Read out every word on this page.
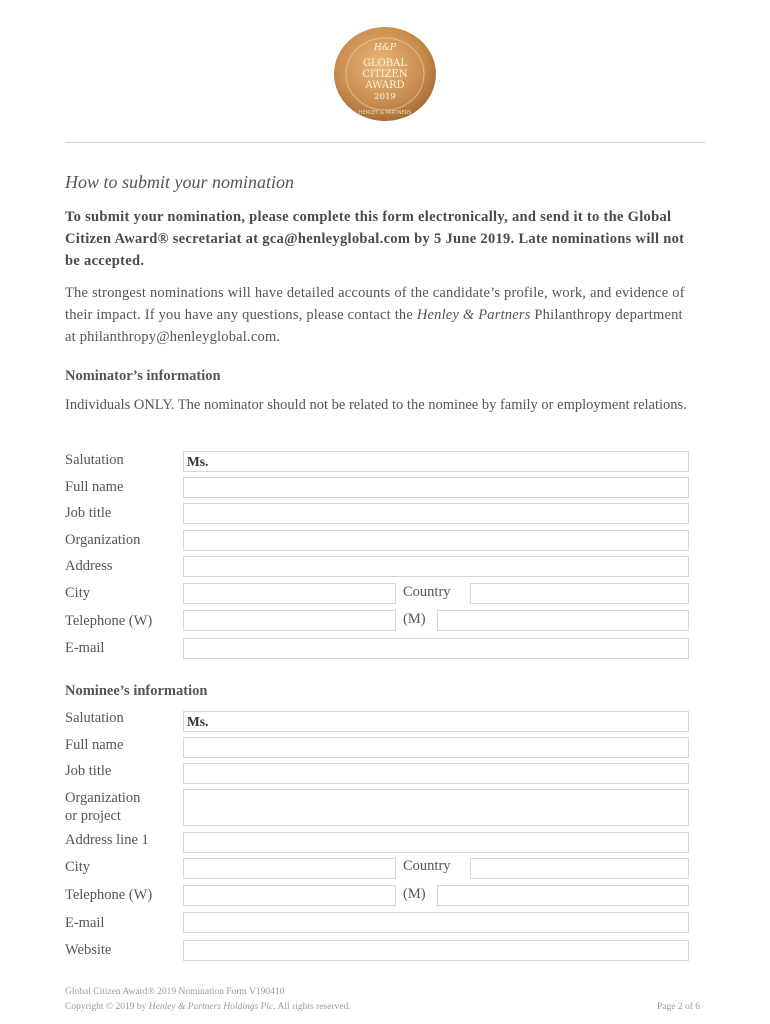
H&P
GLOBAL
CITIZEN
AWARD
2019
HENLEY & PARTNERS
How to submit your nomination
To submit your nomination, please complete this form electronically, and send it to the Global Citizen Award® secretariat at gca@henleyglobal.com by 5 June 2019. Late nominations will not be accepted.
The strongest nominations will have detailed accounts of the candidate’s profile, work, and evidence of their impact. If you have any questions, please contact the Henley & Partners Philanthropy department at philanthropy@henleyglobal.com.
Nominator’s information
Individuals ONLY. The nominator should not be related to the nominee by family or employment relations.
Salutation	Ms.
Full name
Job title
Organization
Address
City	Country
Telephone (W)	(M)
E-mail
Nominee’s information
Salutation	Ms.
Full name
Job title
Organization
or project
Address line 1
City	Country
Telephone (W)	(M)
E-mail
Website
Global Citizen Award® 2019 Nomination Form V190410
Copyright © 2019 by Henley & Partners Holdings Plc. All rights reserved.	Page 2 of 6
